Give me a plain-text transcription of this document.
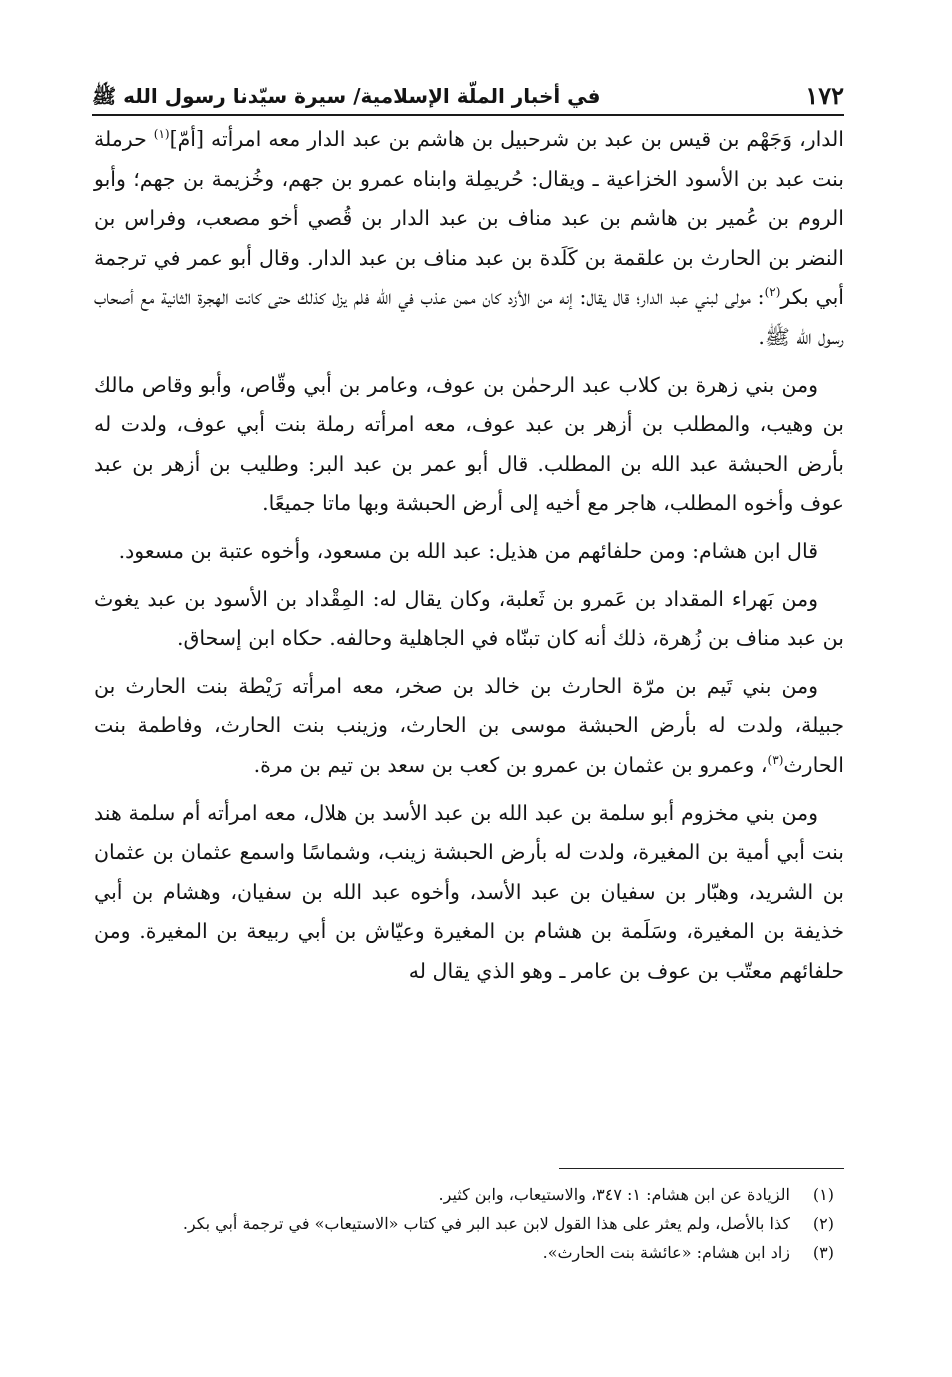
١٧٢
في أخبار الملّة الإسلامية/ سيرة سيّدنا رسول الله ﷺ

الدار، وَجَهْم بن قيس بن عبد بن شرحبيل بن هاشم بن عبد الدار معه امرأته [أمّ]$^{(١)}$ حرملة بنت عبد بن الأسود الخزاعية ـ ويقال: حُريمِلة وابناه عمرو بن جهم، وخُزيمة بن جهم؛ وأبو الروم بن عُمير بن هاشم بن عبد مناف بن عبد الدار بن قُصي أخو مصعب، وفراس بن النضر بن الحارث بن علقمة بن كَلَدة بن عبد مناف بن عبد الدار. وقال أبو عمر في ترجمة أبي بكر$^{(٢)}$: مولى لبني عبد الدار؛ قال يقال: إنه من الأزد كان ممن عذب في الله فلم يزل كذلك حتى كانت الهجرة الثانية مع أصحاب رسول الله ﷺ.

ومن بني زهرة بن كلاب عبد الرحمٰن بن عوف، وعامر بن أبي وقّاص، وأبو وقاص مالك بن وهيب، والمطلب بن أزهر بن عبد عوف، معه امرأته رملة بنت أبي عوف، ولدت له بأرض الحبشة عبد الله بن المطلب. قال أبو عمر بن عبد البر: وطليب بن أزهر بن عبد عوف وأخوه المطلب، هاجر مع أخيه إلى أرض الحبشة وبها ماتا جميعًا.

قال ابن هشام: ومن حلفائهم من هذيل: عبد الله بن مسعود، وأخوه عتبة بن مسعود.

ومن بَهراء المقداد بن عَمرو بن ثَعلبة، وكان يقال له: المِقْداد بن الأسود بن عبد يغوث بن عبد مناف بن زُهرة، ذلك أنه كان تبنّاه في الجاهلية وحالفه. حكاه ابن إسحاق.

ومن بني تَيم بن مرّة الحارث بن خالد بن صخر، معه امرأته رَيْطة بنت الحارث بن جبيلة، ولدت له بأرض الحبشة موسى بن الحارث، وزينب بنت الحارث، وفاطمة بنت الحارث$^{(٣)}$، وعمرو بن عثمان بن عمرو بن كعب بن سعد بن تيم بن مرة.

ومن بني مخزوم أبو سلمة بن عبد الله بن عبد الأسد بن هلال، معه امرأته أم سلمة هند بنت أبي أمية بن المغيرة، ولدت له بأرض الحبشة زينب، وشماسًا واسمع عثمان بن عثمان بن الشريد، وهبّار بن سفيان بن عبد الأسد، وأخوه عبد الله بن سفيان، وهشام بن أبي خذيفة بن المغيرة، وسَلَمة بن هشام بن المغيرة وعيّاش بن أبي ربيعة بن المغيرة. ومن حلفائهم معتّب بن عوف بن عامر ـ وهو الذي يقال له

(١)
الزيادة عن ابن هشام: ١: ٣٤٧، والاستيعاب، وابن كثير.
(٢)
كذا بالأصل، ولم يعثر على هذا القول لابن عبد البر في كتاب «الاستيعاب» في ترجمة أبي بكر.
(٣)
زاد ابن هشام: «عائشة بنت الحارث».
